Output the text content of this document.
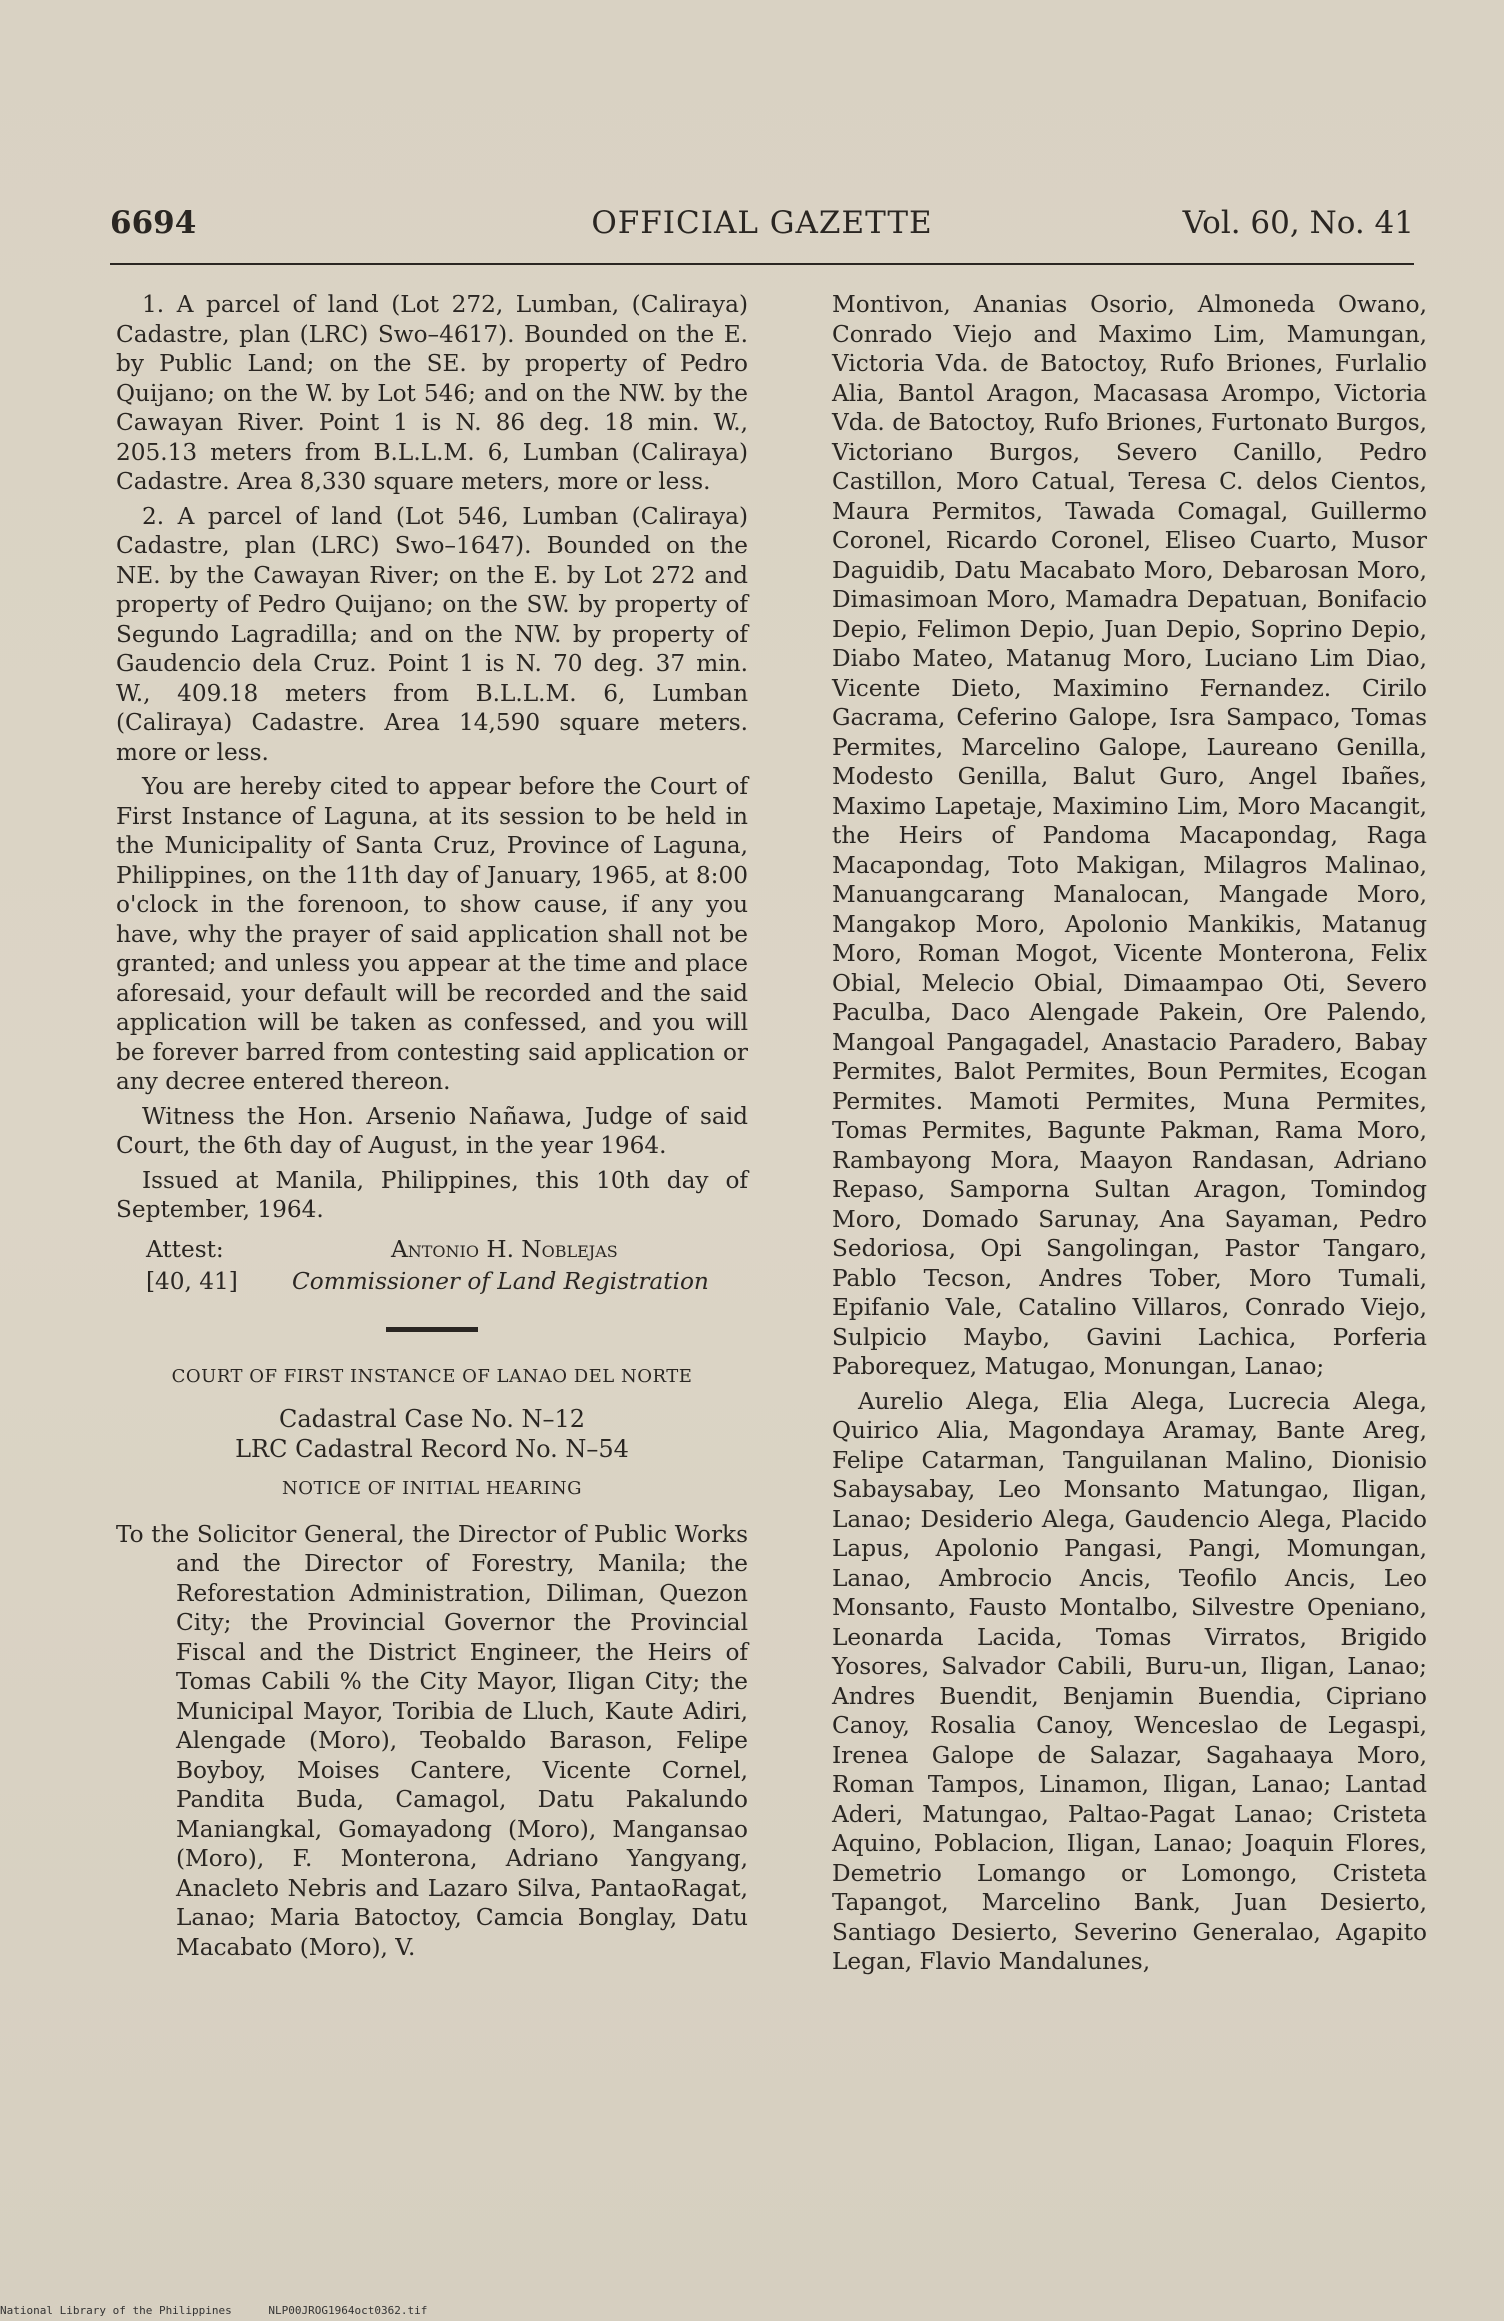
6694	OFFICIAL GAZETTE	Vol. 60, No. 41

1. A parcel of land (Lot 272, Lumban, (Caliraya) Cadastre, plan (LRC) Swo–4617). Bounded on the E. by Public Land; on the SE. by property of Pedro Quijano; on the W. by Lot 546; and on the NW. by the Cawayan River. Point 1 is N. 86 deg. 18 min. W., 205.13 meters from B.L.L.M. 6, Lumban (Caliraya) Cadastre. Area 8,330 square meters, more or less.

2. A parcel of land (Lot 546, Lumban (Caliraya) Cadastre, plan (LRC) Swo–1647). Bounded on the NE. by the Cawayan River; on the E. by Lot 272 and property of Pedro Quijano; on the SW. by property of Segundo Lagradilla; and on the NW. by property of Gaudencio dela Cruz. Point 1 is N. 70 deg. 37 min. W., 409.18 meters from B.L.L.M. 6, Lumban (Caliraya) Cadastre. Area 14,590 square meters. more or less.

You are hereby cited to appear before the Court of First Instance of Laguna, at its session to be held in the Municipality of Santa Cruz, Province of Laguna, Philippines, on the 11th day of January, 1965, at 8:00 o'clock in the forenoon, to show cause, if any you have, why the prayer of said application shall not be granted; and unless you appear at the time and place aforesaid, your default will be recorded and the said application will be taken as confessed, and you will be forever barred from contesting said application or any decree entered thereon.

Witness the Hon. Arsenio Nañawa, Judge of said Court, the 6th day of August, in the year 1964.

Issued at Manila, Philippines, this 10th day of September, 1964.

Attest:
[40, 41]
Antonio H. Noblejas
Commissioner of Land Registration
COURT OF FIRST INSTANCE OF LANAO DEL NORTE
Cadastral Case No. N–12
LRC Cadastral Record No. N–54
NOTICE OF INITIAL HEARING

To the Solicitor General, the Director of Public Works and the Director of Forestry, Manila; the Reforestation Administration, Diliman, Quezon City; the Provincial Governor the Provincial Fiscal and the District Engineer, the Heirs of Tomas Cabili % the City Mayor, Iligan City; the Municipal Mayor, Toribia de Lluch, Kaute Adiri, Alengade (Moro), Teobaldo Barason, Felipe Boyboy, Moises Cantere, Vicente Cornel, Pandita Buda, Camagol, Datu Pakalundo Maniangkal, Gomayadong (Moro), Mangansao (Moro), F. Monterona, Adriano Yangyang, Anacleto Nebris and Lazaro Silva, PantaoRagat, Lanao; Maria Batoctoy, Camcia Bonglay, Datu Macabato (Moro), V.

Montivon, Ananias Osorio, Almoneda Owano, Conrado Viejo and Maximo Lim, Mamungan, Victoria Vda. de Batoctoy, Rufo Briones, Furlalio Alia, Bantol Aragon, Macasasa Arompo, Victoria Vda. de Batoctoy, Rufo Briones, Furtonato Burgos, Victoriano Burgos, Severo Canillo, Pedro Castillon, Moro Catual, Teresa C. delos Cientos, Maura Permitos, Tawada Comagal, Guillermo Coronel, Ricardo Coronel, Eliseo Cuarto, Musor Daguidib, Datu Macabato Moro, Debarosan Moro, Dimasimoan Moro, Mamadra Depatuan, Bonifacio Depio, Felimon Depio, Juan Depio, Soprino Depio, Diabo Mateo, Matanug Moro, Luciano Lim Diao, Vicente Dieto, Maximino Fernandez. Cirilo Gacrama, Ceferino Galope, Isra Sampaco, Tomas Permites, Marcelino Galope, Laureano Genilla, Modesto Genilla, Balut Guro, Angel Ibañes, Maximo Lapetaje, Maximino Lim, Moro Macangit, the Heirs of Pandoma Macapondag, Raga Macapondag, Toto Makigan, Milagros Malinao, Manuangcarang Manalocan, Mangade Moro, Mangakop Moro, Apolonio Mankikis, Matanug Moro, Roman Mogot, Vicente Monterona, Felix Obial, Melecio Obial, Dimaampao Oti, Severo Paculba, Daco Alengade Pakein, Ore Palendo, Mangoal Pangagadel, Anastacio Paradero, Babay Permites, Balot Permites, Boun Permites, Ecogan Permites. Mamoti Permites, Muna Permites, Tomas Permites, Bagunte Pakman, Rama Moro, Rambayong Mora, Maayon Randasan, Adriano Repaso, Samporna Sultan Aragon, Tomindog Moro, Domado Sarunay, Ana Sayaman, Pedro Sedoriosa, Opi Sangolingan, Pastor Tangaro, Pablo Tecson, Andres Tober, Moro Tumali, Epifanio Vale, Catalino Villaros, Conrado Viejo, Sulpicio Maybo, Gavini Lachica, Porferia Paborequez, Matugao, Monungan, Lanao;

Aurelio Alega, Elia Alega, Lucrecia Alega, Quirico Alia, Magondaya Aramay, Bante Areg, Felipe Catarman, Tanguilanan Malino, Dionisio Sabaysabay, Leo Monsanto Matungao, Iligan, Lanao; Desiderio Alega, Gaudencio Alega, Placido Lapus, Apolonio Pangasi, Pangi, Momungan, Lanao, Ambrocio Ancis, Teofilo Ancis, Leo Monsanto, Fausto Montalbo, Silvestre Openiano, Leonarda Lacida, Tomas Virratos, Brigido Yosores, Salvador Cabili, Buru-un, Iligan, Lanao; Andres Buendit, Benjamin Buendia, Cipriano Canoy, Rosalia Canoy, Wenceslao de Legaspi, Irenea Galope de Salazar, Sagahaaya Moro, Roman Tampos, Linamon, Iligan, Lanao; Lantad Aderi, Matungao, Paltao-Pagat Lanao; Cristeta Aquino, Poblacion, Iligan, Lanao; Joaquin Flores, Demetrio Lomango or Lomongo, Cristeta Tapangot, Marcelino Bank, Juan Desierto, Santiago Desierto, Severino Generalao, Agapito Legan, Flavio Mandalunes,

National Library of the Philippines	NLP00JROG1964oct0362.tif
